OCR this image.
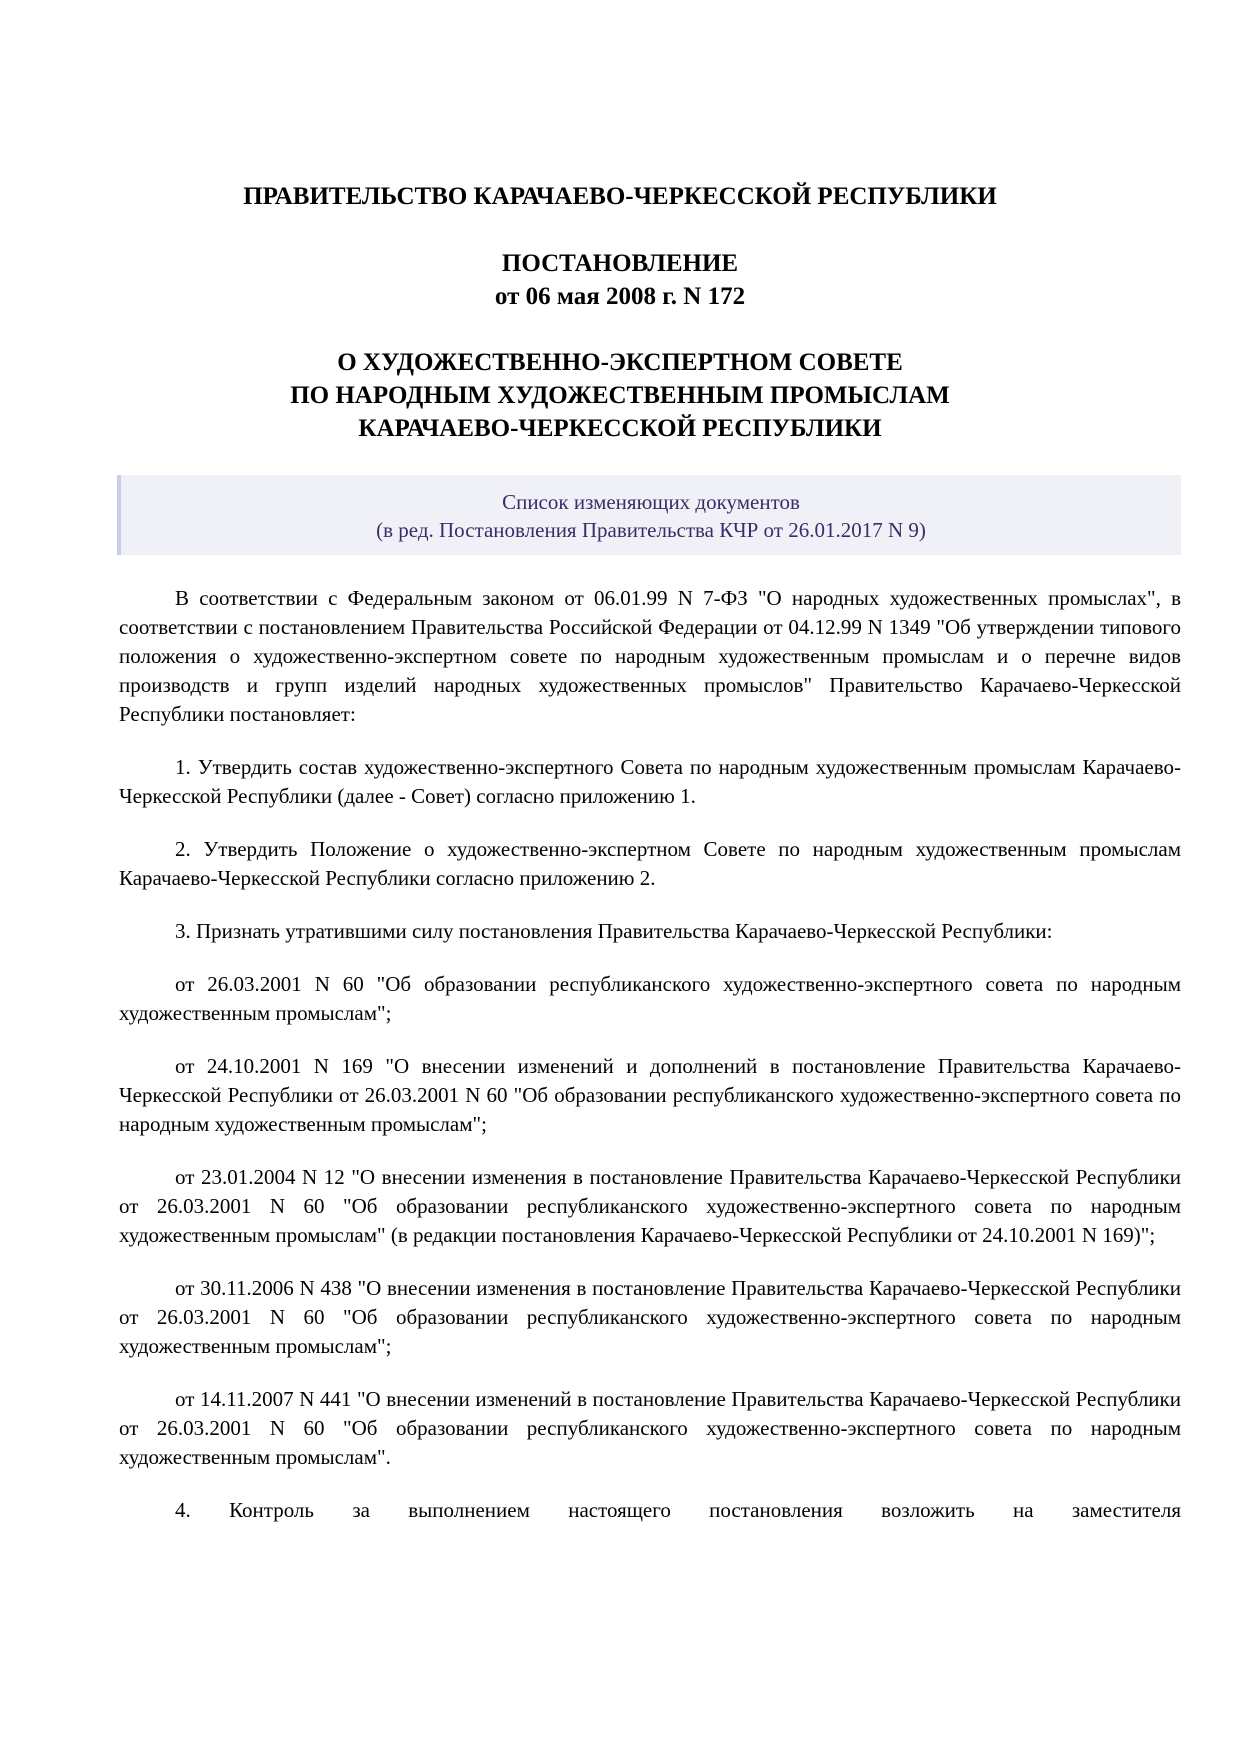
ПРАВИТЕЛЬСТВО КАРАЧАЕВО-ЧЕРКЕССКОЙ РЕСПУБЛИКИ
ПОСТАНОВЛЕНИЕ
от 06 мая 2008 г. N 172
О ХУДОЖЕСТВЕННО-ЭКСПЕРТНОМ СОВЕТЕ
ПО НАРОДНЫМ ХУДОЖЕСТВЕННЫМ ПРОМЫСЛАМ
КАРАЧАЕВО-ЧЕРКЕССКОЙ РЕСПУБЛИКИ
Список изменяющих документов
(в ред. Постановления Правительства КЧР от 26.01.2017 N 9)

В соответствии с Федеральным законом от 06.01.99 N 7-ФЗ "О народных художественных промыслах", в соответствии с постановлением Правительства Российской Федерации от 04.12.99 N 1349 "Об утверждении типового положения о художественно-экспертном совете по народным художественным промыслам и о перечне видов производств и групп изделий народных художественных промыслов" Правительство Карачаево-Черкесской Республики постановляет:

1. Утвердить состав художественно-экспертного Совета по народным художественным промыслам Карачаево-Черкесской Республики (далее - Совет) согласно приложению 1.

2. Утвердить Положение о художественно-экспертном Совете по народным художественным промыслам Карачаево-Черкесской Республики согласно приложению 2.

3. Признать утратившими силу постановления Правительства Карачаево-Черкесской Республики:

от 26.03.2001 N 60 "Об образовании республиканского художественно-экспертного совета по народным художественным промыслам";

от 24.10.2001 N 169 "О внесении изменений и дополнений в постановление Правительства Карачаево-Черкесской Республики от 26.03.2001 N 60 "Об образовании республиканского художественно-экспертного совета по народным художественным промыслам";

от 23.01.2004 N 12 "О внесении изменения в постановление Правительства Карачаево-Черкесской Республики от 26.03.2001 N 60 "Об образовании республиканского художественно-экспертного совета по народным художественным промыслам" (в редакции постановления Карачаево-Черкесской Республики от 24.10.2001 N 169)";

от 30.11.2006 N 438 "О внесении изменения в постановление Правительства Карачаево-Черкесской Республики от 26.03.2001 N 60 "Об образовании республиканского художественно-экспертного совета по народным художественным промыслам";

от 14.11.2007 N 441 "О внесении изменений в постановление Правительства Карачаево-Черкесской Республики от 26.03.2001 N 60 "Об образовании республиканского художественно-экспертного совета по народным художественным промыслам".

4. Контроль за выполнением настоящего постановления возложить на заместителя
